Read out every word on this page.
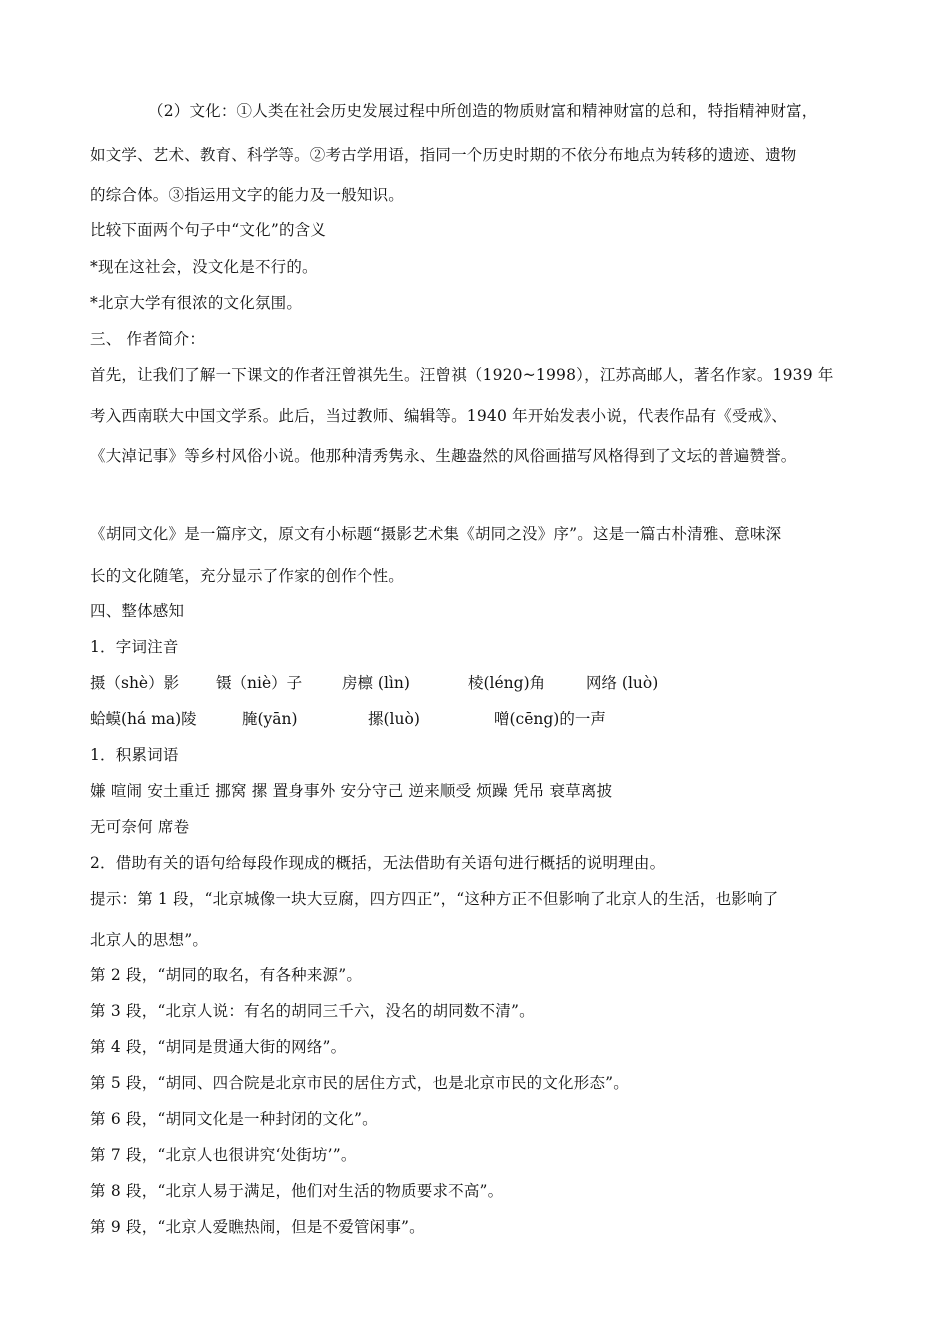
（2）文化：①人类在社会历史发展过程中所创造的物质财富和精神财富的总和，特指精神财富，
如文学、艺术、教育、科学等。②考古学用语，指同一个历史时期的不依分布地点为转移的遗迹、遗物
的综合体。③指运用文字的能力及一般知识。
比较下面两个句子中“文化”的含义
*现在这社会，没文化是不行的。
*北京大学有很浓的文化氛围。
三、 作者简介：
首先，让我们了解一下课文的作者汪曾祺先生。汪曾祺（1920~1998），江苏高邮人，著名作家。1939 年
考入西南联大中国文学系。此后，当过教师、编辑等。1940 年开始发表小说，代表作品有《受戒》、
《大淖记事》等乡村风俗小说。他那种清秀隽永、生趣盎然的风俗画描写风格得到了文坛的普遍赞誉。
《胡同文化》是一篇序文，原文有小标题“摄影艺术集《胡同之没》序”。这是一篇古朴清雅、意味深
长的文化随笔，充分显示了作家的创作个性。
四、整体感知
1．字词注音
摄（shè）影 镊（niè）子	房檩 (lìn)	棱(léng)角	网络 (luò)
蛤蟆(há ma)陵	腌(yān)	摞(luò)	噌(cēng)的一声
1．积累词语
嫌 喧闹 安土重迁 挪窝 摞 置身事外 安分守己 逆来顺受 烦躁 凭吊 衰草离披
无可奈何 席卷
2．借助有关的语句给每段作现成的概括，无法借助有关语句进行概括的说明理由。
提示：第 1 段，“北京城像一块大豆腐，四方四正”，“这种方正不但影响了北京人的生活，也影响了
北京人的思想”。
第 2 段，“胡同的取名，有各种来源”。
第 3 段，“北京人说：有名的胡同三千六，没名的胡同数不清”。
第 4 段，“胡同是贯通大街的网络”。
第 5 段，“胡同、四合院是北京市民的居住方式，也是北京市民的文化形态”。
第 6 段，“胡同文化是一种封闭的文化”。
第 7 段，“北京人也很讲究‘处街坊’”。
第 8 段，“北京人易于满足，他们对生活的物质要求不高”。
第 9 段，“北京人爱瞧热闹，但是不爱管闲事”。
